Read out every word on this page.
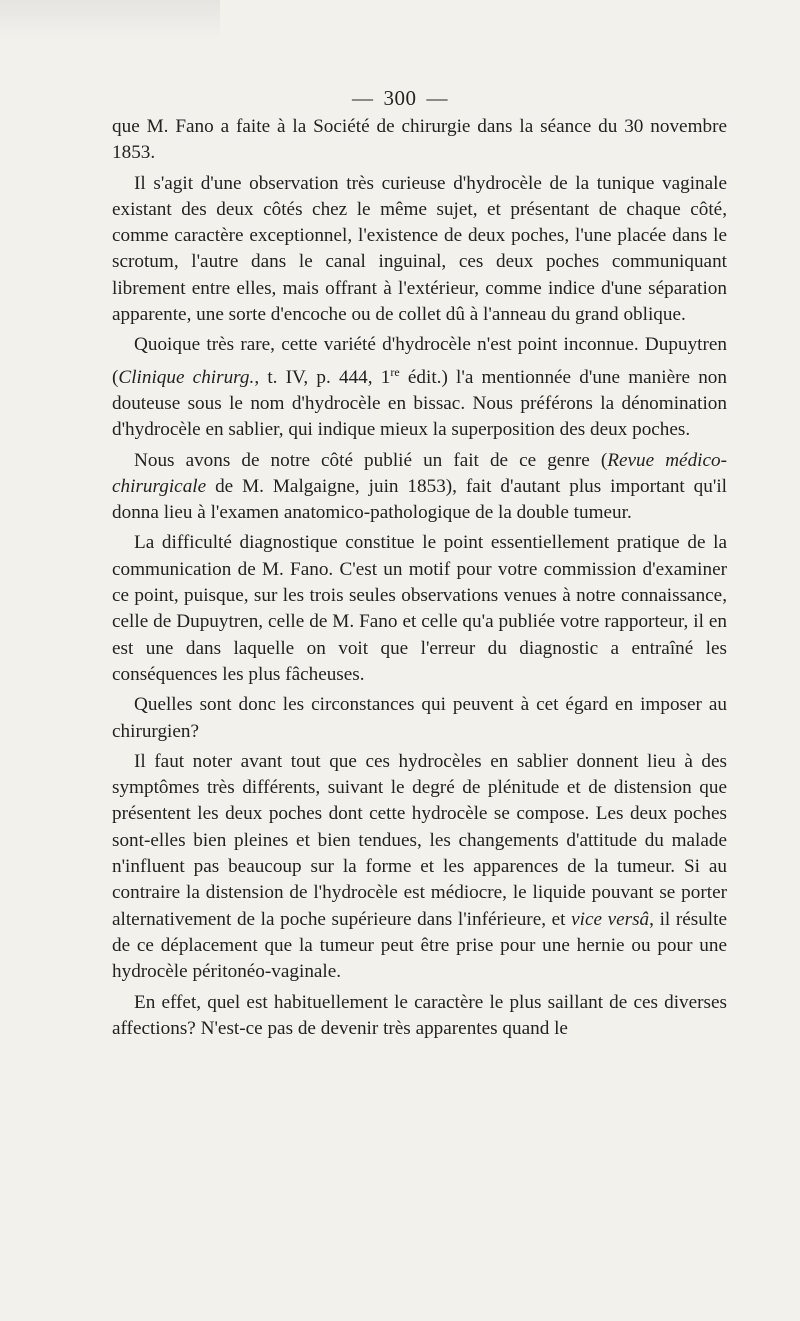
— 300 —

que M. Fano a faite à la Société de chirurgie dans la séance du 30 novembre 1853.

Il s'agit d'une observation très curieuse d'hydrocèle de la tunique vaginale existant des deux côtés chez le même sujet, et présentant de chaque côté, comme caractère exceptionnel, l'existence de deux poches, l'une placée dans le scrotum, l'autre dans le canal inguinal, ces deux poches communiquant librement entre elles, mais offrant à l'extérieur, comme indice d'une séparation apparente, une sorte d'encoche ou de collet dû à l'anneau du grand oblique.

Quoique très rare, cette variété d'hydrocèle n'est point inconnue. Dupuytren (Clinique chirurg., t. IV, p. 444, 1re édit.) l'a mentionnée d'une manière non douteuse sous le nom d'hydrocèle en bissac. Nous préférons la dénomination d'hydrocèle en sablier, qui indique mieux la superposition des deux poches.

Nous avons de notre côté publié un fait de ce genre (Revue médico-chirurgicale de M. Malgaigne, juin 1853), fait d'autant plus important qu'il donna lieu à l'examen anatomico-pathologique de la double tumeur.

La difficulté diagnostique constitue le point essentiellement pratique de la communication de M. Fano. C'est un motif pour votre commission d'examiner ce point, puisque, sur les trois seules observations venues à notre connaissance, celle de Dupuytren, celle de M. Fano et celle qu'a publiée votre rapporteur, il en est une dans laquelle on voit que l'erreur du diagnostic a entraîné les conséquences les plus fâcheuses.

Quelles sont donc les circonstances qui peuvent à cet égard en imposer au chirurgien?

Il faut noter avant tout que ces hydrocèles en sablier donnent lieu à des symptômes très différents, suivant le degré de plénitude et de distension que présentent les deux poches dont cette hydrocèle se compose. Les deux poches sont-elles bien pleines et bien tendues, les changements d'attitude du malade n'influent pas beaucoup sur la forme et les apparences de la tumeur. Si au contraire la distension de l'hydrocèle est médiocre, le liquide pouvant se porter alternativement de la poche supérieure dans l'inférieure, et vice versâ, il résulte de ce déplacement que la tumeur peut être prise pour une hernie ou pour une hydrocèle péritonéo-vaginale.

En effet, quel est habituellement le caractère le plus saillant de ces diverses affections? N'est-ce pas de devenir très apparentes quand le
